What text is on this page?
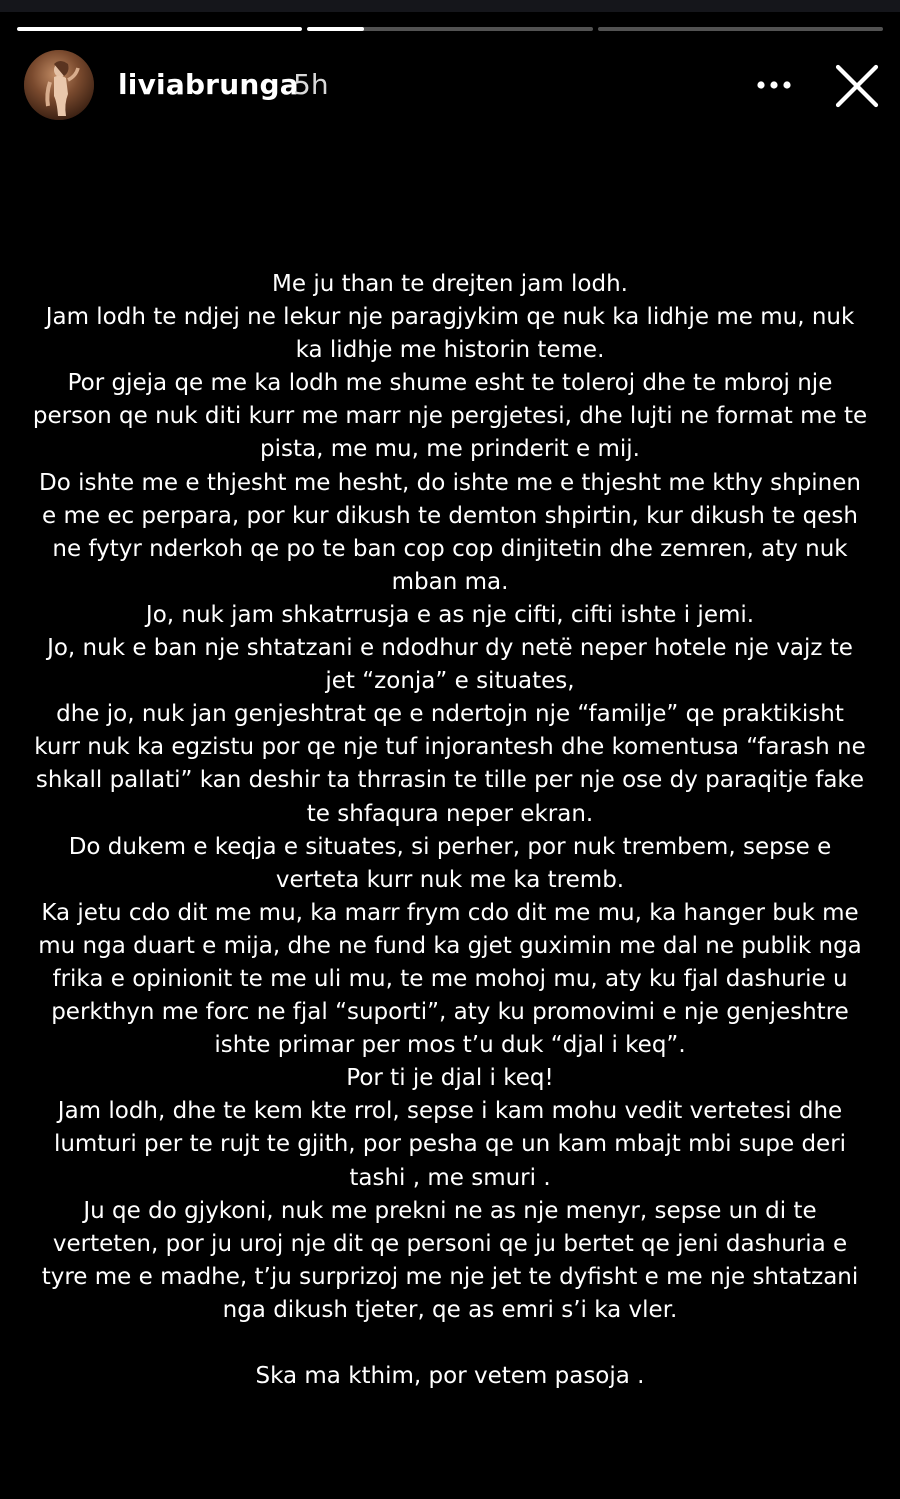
liviabrunga
5h

Me ju than te drejten jam lodh.

Jam lodh te ndjej ne lekur nje paragjykim qe nuk ka lidhje me mu, nuk ka lidhje me historin teme.

Por gjeja qe me ka lodh me shume esht te toleroj dhe te mbroj nje person qe nuk diti kurr me marr nje pergjetesi, dhe lujti ne format me te pista, me mu, me prinderit e mij.

Do ishte me e thjesht me hesht, do ishte me e thjesht me kthy shpinen e me ec perpara, por kur dikush te demton shpirtin, kur dikush te qesh ne fytyr nderkoh qe po te ban cop cop dinjitetin dhe zemren, aty nuk mban ma.

Jo, nuk jam shkatrrusja e as nje cifti, cifti ishte i jemi.

Jo, nuk e ban nje shtatzani e ndodhur dy netë neper hotele nje vajz te jet “zonja” e situates,

dhe jo, nuk jan genjeshtrat qe e ndertojn nje “familje” qe praktikisht kurr nuk ka egzistu por qe nje tuf injorantesh dhe komentusa “farash ne shkall pallati” kan deshir ta thrrasin te tille per nje ose dy paraqitje fake te shfaqura neper ekran.

Do dukem e keqja e situates, si perher, por nuk trembem, sepse e verteta kurr nuk me ka tremb.

Ka jetu cdo dit me mu, ka marr frym cdo dit me mu, ka hanger buk me mu nga duart e mija, dhe ne fund ka gjet guximin me dal ne publik nga frika e opinionit te me uli mu, te me mohoj mu, aty ku fjal dashurie u perkthyn me forc ne fjal “suporti”, aty ku promovimi e nje genjeshtre ishte primar per mos t’u duk “djal i keq”.

Por ti je djal i keq!

Jam lodh, dhe te kem kte rrol, sepse i kam mohu vedit vertetesi dhe lumturi per te rujt te gjith, por pesha qe un kam mbajt mbi supe deri tashi , me smuri .

Ju qe do gjykoni, nuk me prekni ne as nje menyr, sepse un di te verteten, por ju uroj nje dit qe personi qe ju bertet qe jeni dashuria e tyre me e madhe, t’ju surprizoj me nje jet te dyfisht e me nje shtatzani nga dikush tjeter, qe as emri s’i ka vler.

Ska ma kthim, por vetem pasoja .
